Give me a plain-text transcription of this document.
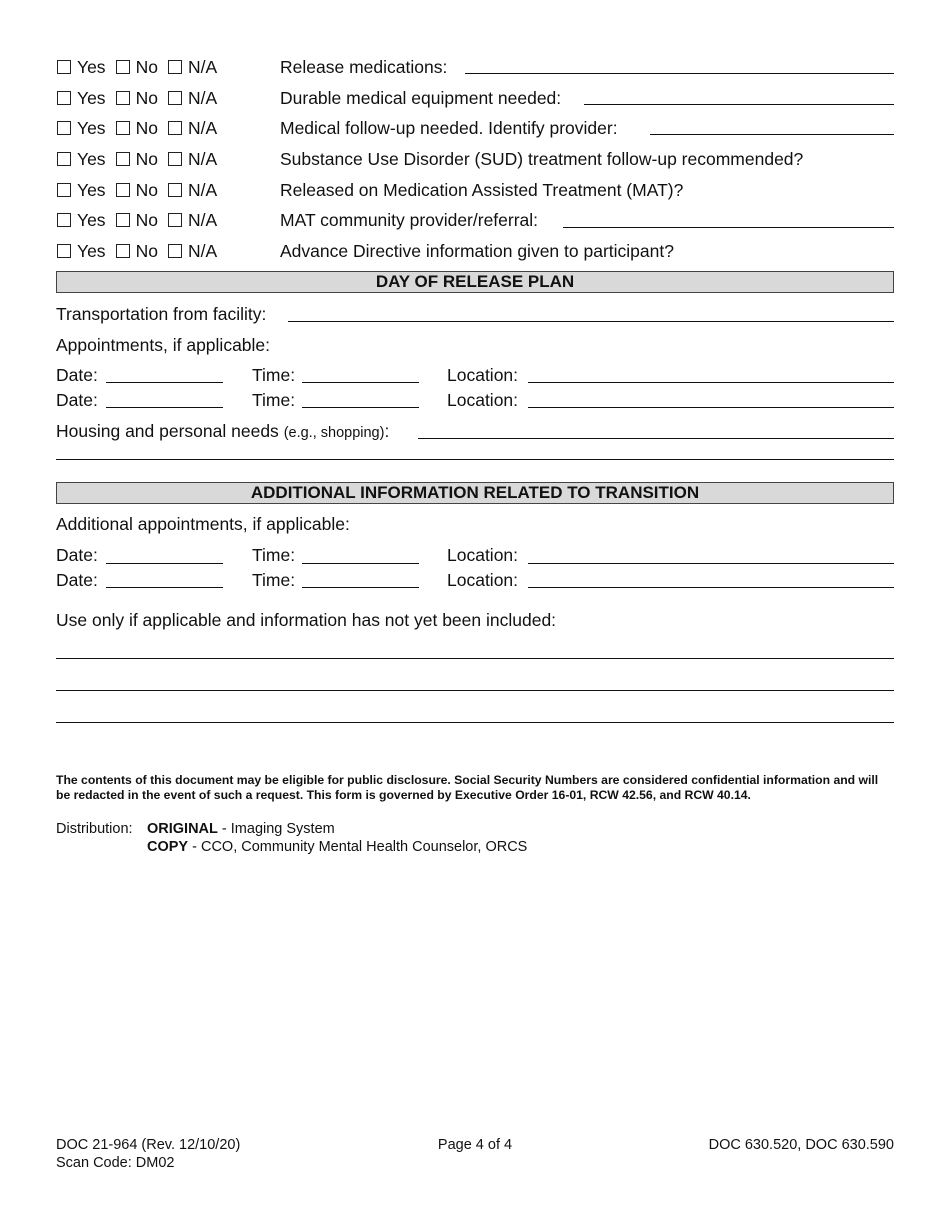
Yes No N/A	Release medications:
Yes No N/A	Durable medical equipment needed:
Yes No N/A	Medical follow-up needed. Identify provider:
Yes No N/A	Substance Use Disorder (SUD) treatment follow-up recommended?
Yes No N/A	Released on Medication Assisted Treatment (MAT)?
Yes No N/A	MAT community provider/referral:
Yes No N/A	Advance Directive information given to participant?
DAY OF RELEASE PLAN
Transportation from facility:
Appointments, if applicable:
Date:	Time:	Location:
Date:	Time:	Location:
Housing and personal needs (e.g., shopping):
ADDITIONAL INFORMATION RELATED TO TRANSITION
Additional appointments, if applicable:
Date:	Time:	Location:
Date:	Time:	Location:
Use only if applicable and information has not yet been included:
The contents of this document may be eligible for public disclosure. Social Security Numbers are considered confidential information and will be redacted in the event of such a request. This form is governed by Executive Order 16-01, RCW 42.56, and RCW 40.14.
Distribution: ORIGINAL - Imaging System
COPY - CCO, Community Mental Health Counselor, ORCS
DOC 21-964 (Rev. 12/10/20)
Scan Code: DM02
Page 4 of 4	DOC 630.520, DOC 630.590
